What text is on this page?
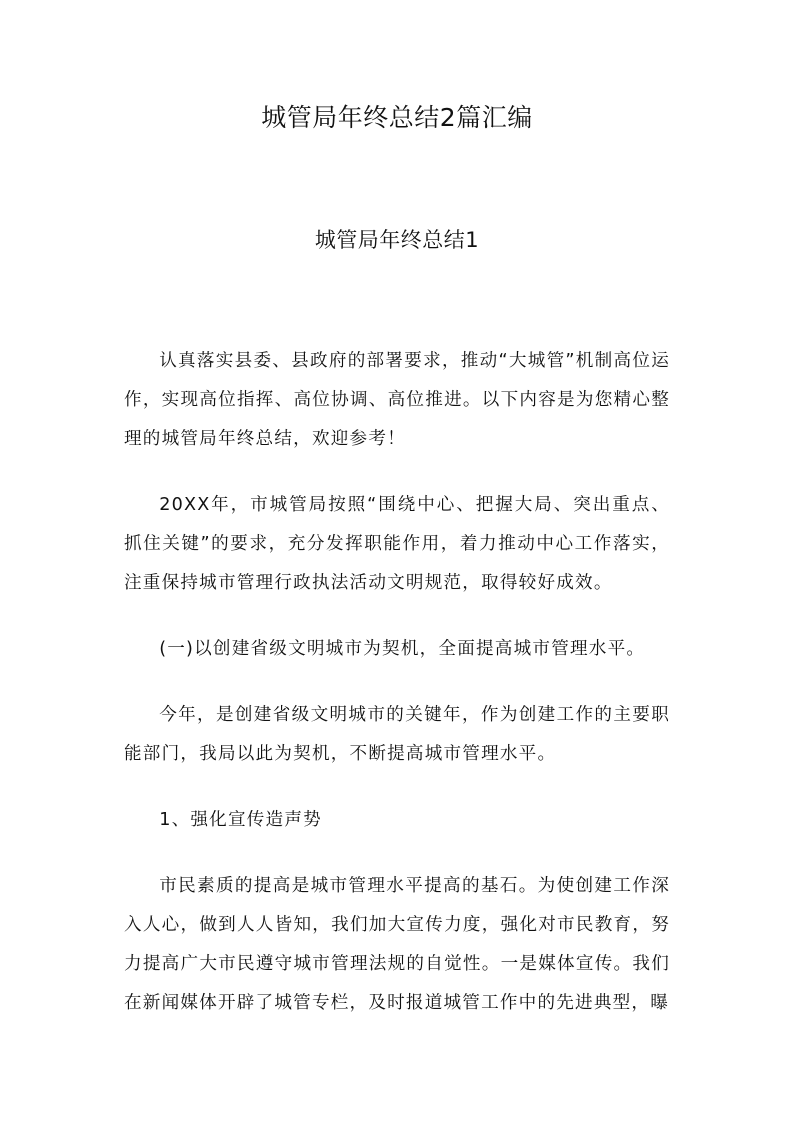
城管局年终总结2篇汇编
城管局年终总结1

认真落实县委、县政府的部署要求，推动“大城管”机制高位运作，实现高位指挥、高位协调、高位推进。以下内容是为您精心整理的城管局年终总结，欢迎参考！

20XX年，市城管局按照“围绕中心、把握大局、突出重点、抓住关键”的要求，充分发挥职能作用，着力推动中心工作落实，注重保持城市管理行政执法活动文明规范，取得较好成效。

(一)以创建省级文明城市为契机，全面提高城市管理水平。

今年，是创建省级文明城市的关键年，作为创建工作的主要职能部门，我局以此为契机，不断提高城市管理水平。

1、强化宣传造声势

市民素质的提高是城市管理水平提高的基石。为使创建工作深入人心，做到人人皆知，我们加大宣传力度，强化对市民教育，努力提高广大市民遵守城市管理法规的自觉性。一是媒体宣传。我们在新闻媒体开辟了城管专栏，及时报道城管工作中的先进典型，曝
